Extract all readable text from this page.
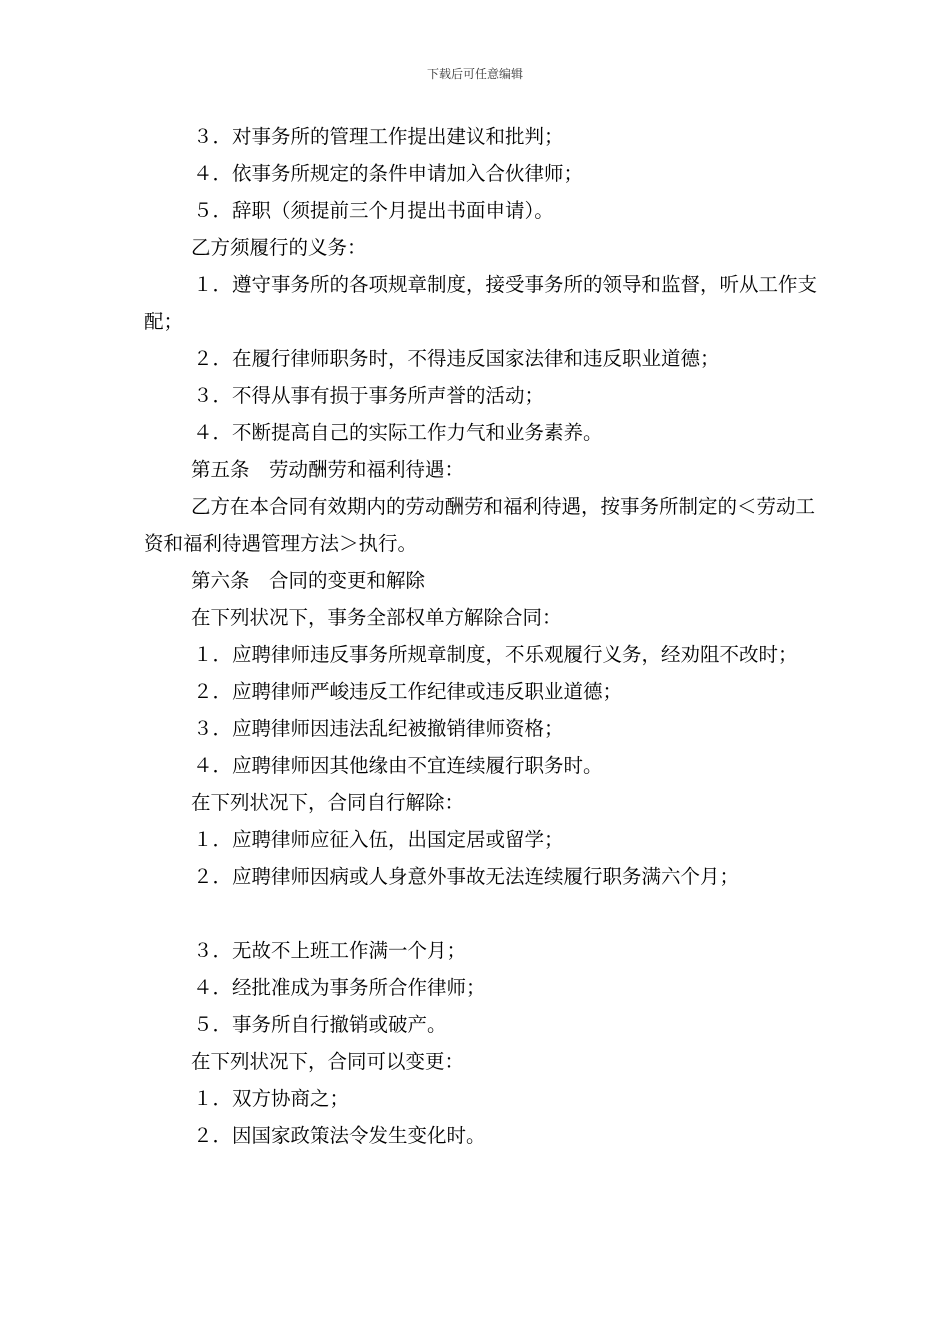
下载后可任意编辑

３．对事务所的管理工作提出建议和批判；

４．依事务所规定的条件申请加入合伙律师；

５．辞职（须提前三个月提出书面申请）。

乙方须履行的义务：

１．遵守事务所的各项规章制度，接受事务所的领导和监督，听从工作支配；

２．在履行律师职务时，不得违反国家法律和违反职业道德；

３．不得从事有损于事务所声誉的活动；

４．不断提高自己的实际工作力气和业务素养。

第五条　劳动酬劳和福利待遇：

乙方在本合同有效期内的劳动酬劳和福利待遇，按事务所制定的＜劳动工资和福利待遇管理方法＞执行。

第六条　合同的变更和解除

在下列状况下，事务全部权单方解除合同：

１．应聘律师违反事务所规章制度，不乐观履行义务，经劝阻不改时；

２．应聘律师严峻违反工作纪律或违反职业道德；

３．应聘律师因违法乱纪被撤销律师资格；

４．应聘律师因其他缘由不宜连续履行职务时。

在下列状况下，合同自行解除：

１．应聘律师应征入伍，出国定居或留学；

２．应聘律师因病或人身意外事故无法连续履行职务满六个月；

３．无故不上班工作满一个月；

４．经批准成为事务所合作律师；

５．事务所自行撤销或破产。

在下列状况下，合同可以变更：

１．双方协商之；

２．因国家政策法令发生变化时。
